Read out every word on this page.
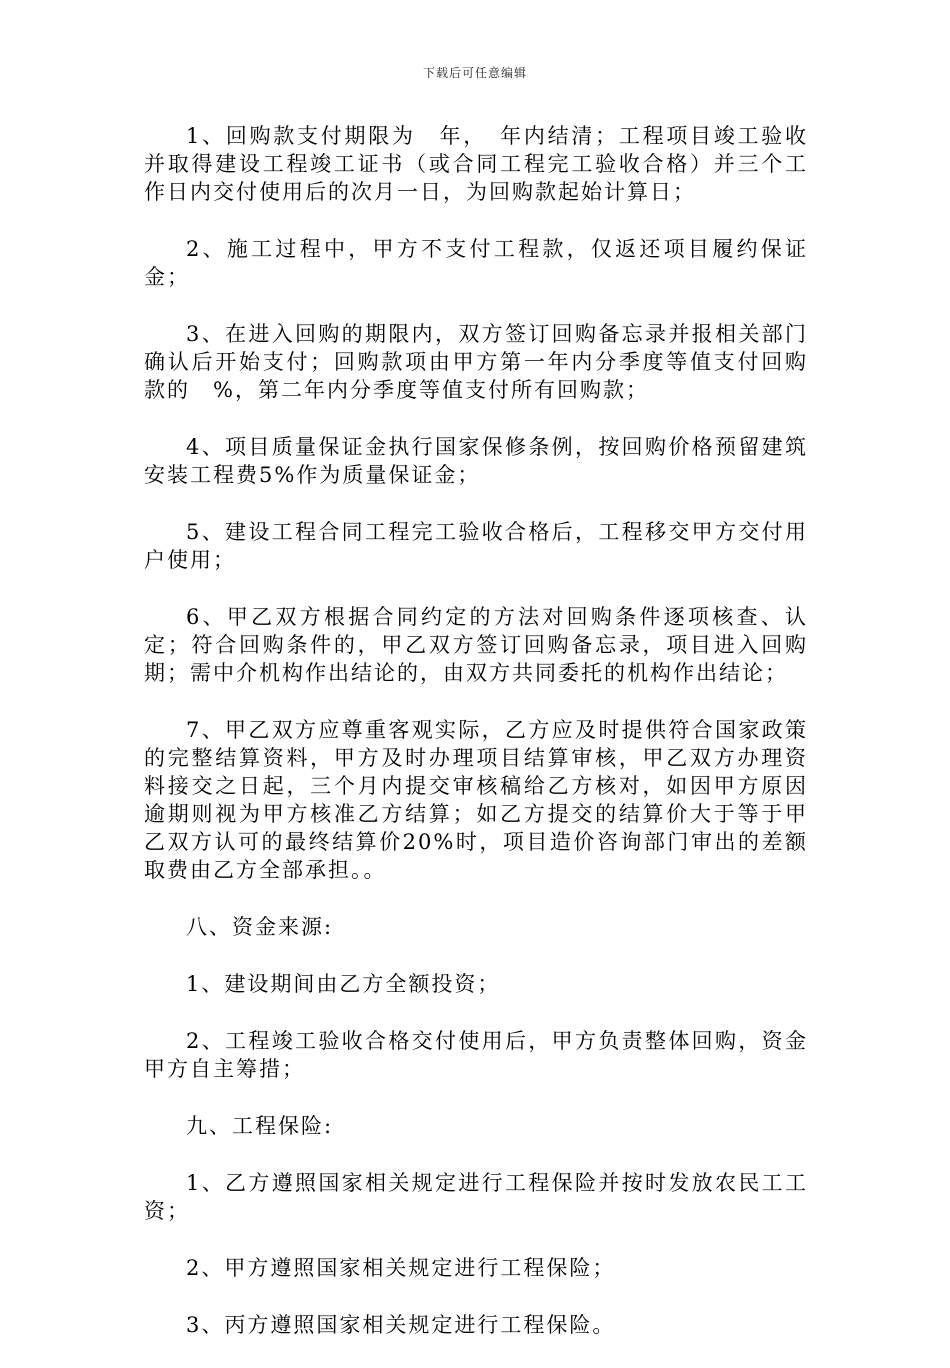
下载后可任意编辑

1、回购款支付期限为　年，　年内结清；工程项目竣工验收并取得建设工程竣工证书（或合同工程完工验收合格）并三个工作日内交付使用后的次月一日，为回购款起始计算日；

2、施工过程中，甲方不支付工程款，仅返还项目履约保证金；

3、在进入回购的期限内，双方签订回购备忘录并报相关部门确认后开始支付；回购款项由甲方第一年内分季度等值支付回购款的　%，第二年内分季度等值支付所有回购款；

4、项目质量保证金执行国家保修条例，按回购价格预留建筑安装工程费5%作为质量保证金；

5、建设工程合同工程完工验收合格后，工程移交甲方交付用户使用；

6、甲乙双方根据合同约定的方法对回购条件逐项核查、认定；符合回购条件的，甲乙双方签订回购备忘录，项目进入回购期；需中介机构作出结论的，由双方共同委托的机构作出结论；

7、甲乙双方应尊重客观实际，乙方应及时提供符合国家政策的完整结算资料，甲方及时办理项目结算审核，甲乙双方办理资料接交之日起，三个月内提交审核稿给乙方核对，如因甲方原因逾期则视为甲方核准乙方结算；如乙方提交的结算价大于等于甲乙双方认可的最终结算价20%时，项目造价咨询部门审出的差额取费由乙方全部承担。。

八、资金来源:

1、建设期间由乙方全额投资；

2、工程竣工验收合格交付使用后，甲方负责整体回购，资金甲方自主筹措；

九、工程保险:

1、乙方遵照国家相关规定进行工程保险并按时发放农民工工资；

2、甲方遵照国家相关规定进行工程保险；

3、丙方遵照国家相关规定进行工程保险。
